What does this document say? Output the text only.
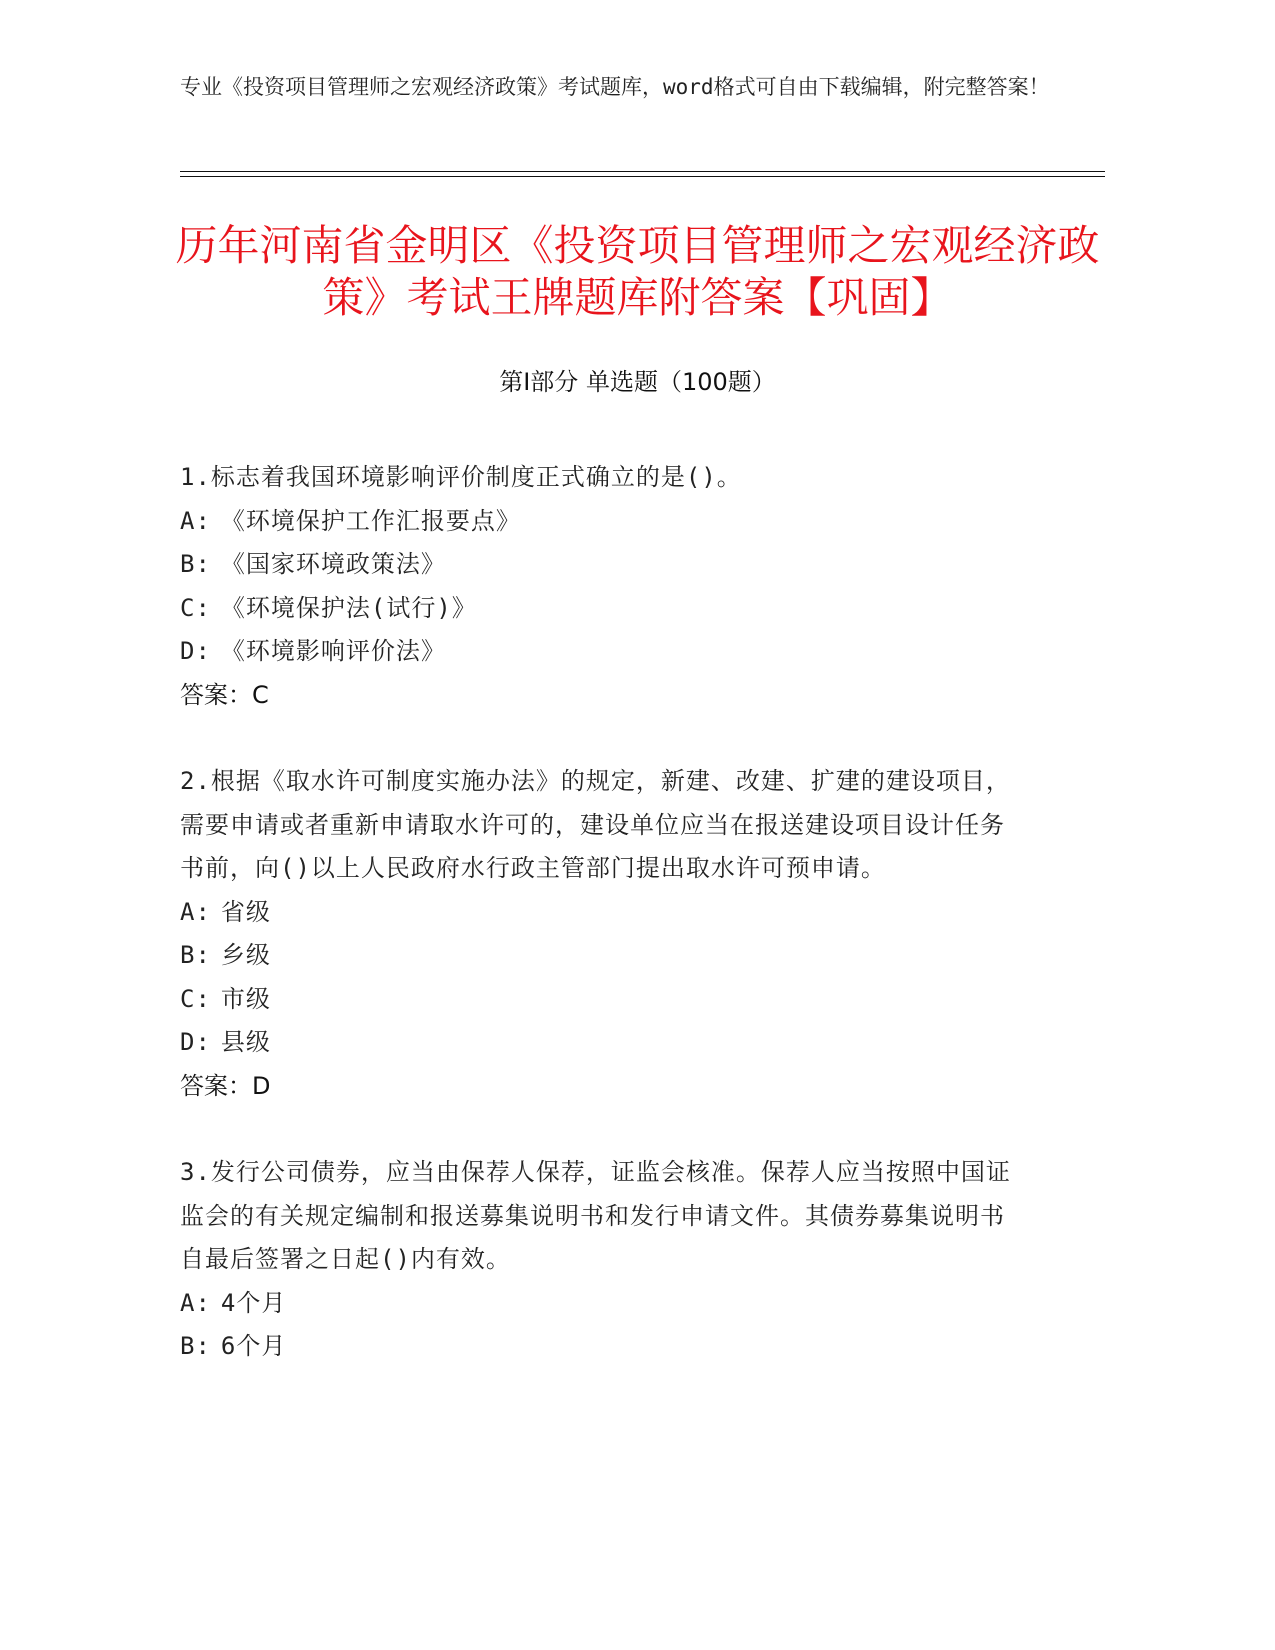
专业《投资项目管理师之宏观经济政策》考试题库，word格式可自由下载编辑，附完整答案！
历年河南省金明区《投资项目管理师之宏观经济政策》考试王牌题库附答案【巩固】
第Ⅰ部分 单选题（100题）
1.标志着我国环境影响评价制度正式确立的是()。
A: 《环境保护工作汇报要点》
B: 《国家环境政策法》
C: 《环境保护法(试行)》
D: 《环境影响评价法》
答案：C
2.根据《取水许可制度实施办法》的规定，新建、改建、扩建的建设项目，需要申请或者重新申请取水许可的，建设单位应当在报送建设项目设计任务书前，向()以上人民政府水行政主管部门提出取水许可预申请。
A: 省级
B: 乡级
C: 市级
D: 县级
答案：D
3.发行公司债券，应当由保荐人保荐，证监会核准。保荐人应当按照中国证监会的有关规定编制和报送募集说明书和发行申请文件。其债券募集说明书自最后签署之日起()内有效。
A: 4个月
B: 6个月
